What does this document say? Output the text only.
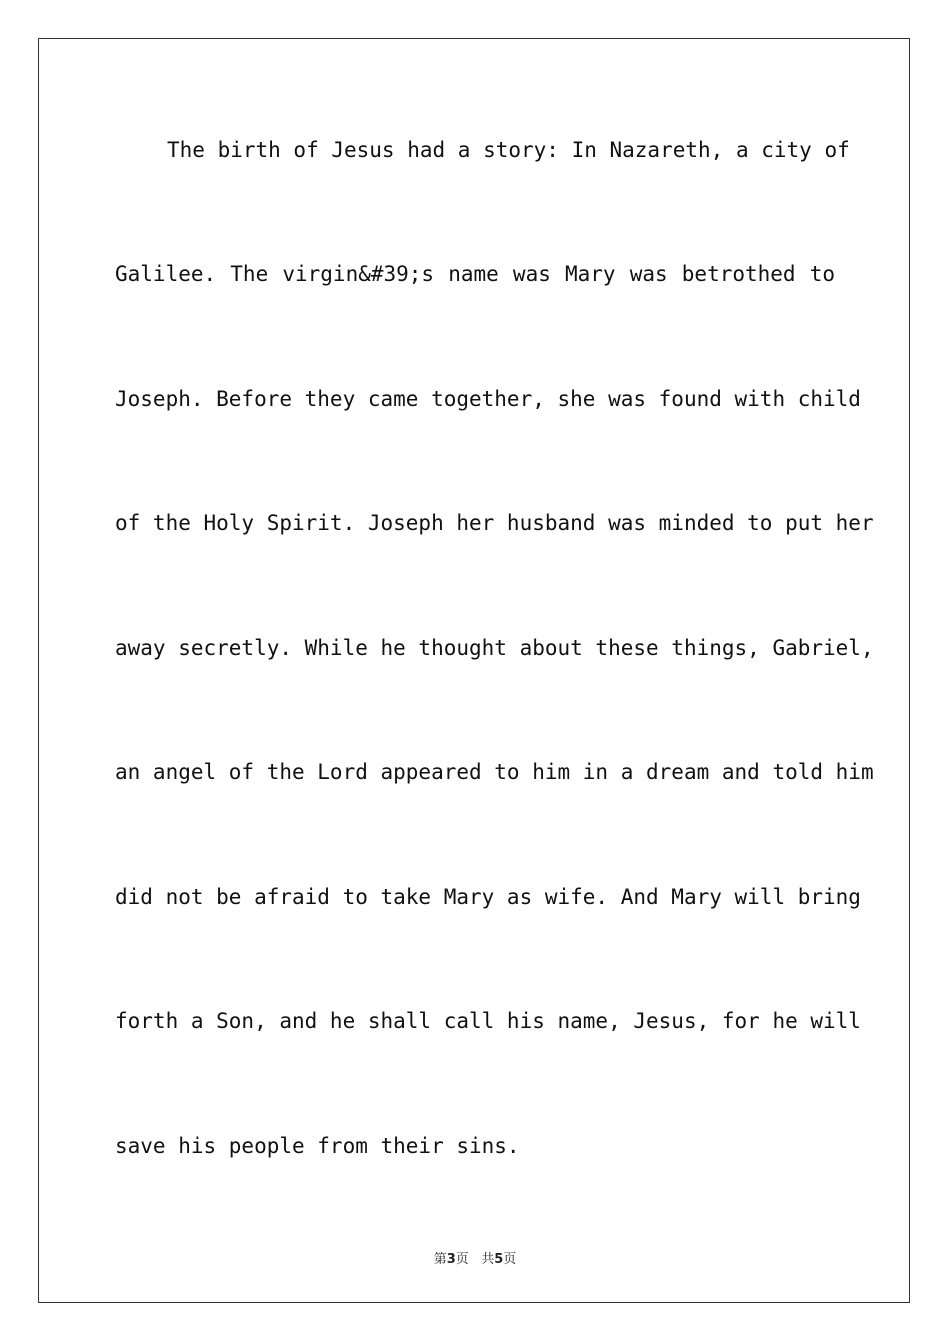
The birth of Jesus had a story: In Nazareth, a city of
Galilee. The virgin&#39;s name was Mary was betrothed to
Joseph. Before they came together, she was found with child
of the Holy Spirit. Joseph her husband was minded to put her
away secretly. While he thought about these things, Gabriel,
an angel of the Lord appeared to him in a dream and told him
did not be afraid to take Mary as wife. And Mary will bring
forth a Son, and he shall call his name, Jesus, for he will
save his people from their sins.
第3页 共5页
